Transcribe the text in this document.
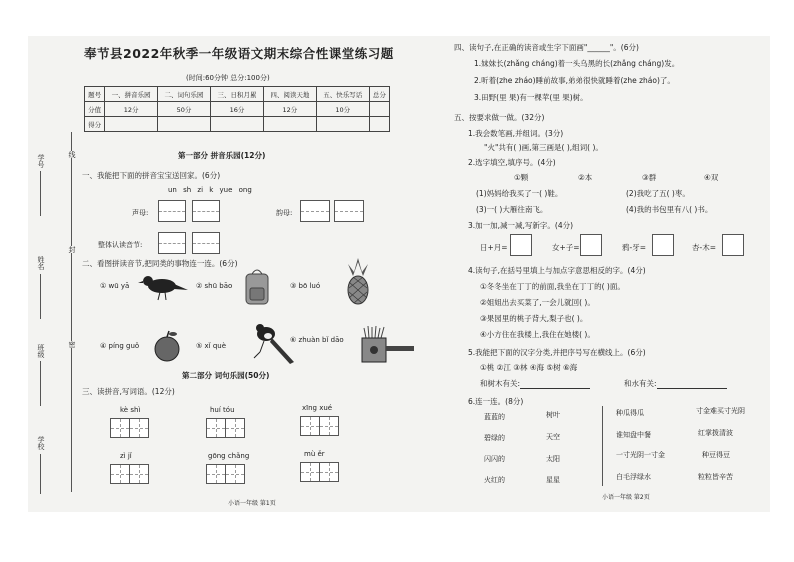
学号
姓名
班级
学校
线
封
密
奉节县2022年秋季一年级语文期末综合性课堂练习题
(时间:60分钟 总分:100分)
题号	一、拼音乐园	二、词句乐园	三、日积月累	四、阅读天地	五、快乐写话	总分
分值	12分	50分	16分	12分	10分	
得分						
第一部分 拼音乐园(12分)
一、我能把下面的拼音宝宝送回家。(6分)
un sh zi k yue ong
声母:	韵母:
整体认读音节:
二、看图拼读音节,把同类的事物连一连。(6分)
① wū yā	② shū bāo	③ bō luó
④ píng guǒ	⑤ xǐ què
⑥ zhuàn bǐ dāo
第二部分 词句乐园(50分)
三、读拼音,写词语。(12分)
kè shì	huí tóu	xīng xué
zì jǐ	gōng chǎng	mù ěr
小语一年级 第1页
四、读句子,在正确的读音或生字下面画"______"。(6分)
1.妹妹长(zhǎng cháng)着一头乌黑的长(zhǎng cháng)发。
2.听着(zhe zháo)睡前故事,弟弟很快就睡着(zhe zháo)了。
3.田野(里 果)有一棵苹(里 果)树。
五、按要求做一做。(32分)
1.我会数笔画,并组词。(3分)
"火"共有( )画,第三画是( ),组词( )。
2.选字填空,填序号。(4分)
①颗	②本	③群	④双
(1)妈妈给我买了一( )鞋。	(2)我吃了五( )枣。
(3)一( )大雁往南飞。	(4)我的书包里有八( )书。
3.加一加,减一减,写新字。(4分)
日+月=	女+子=	鸦-牙=	杏-木=
4.读句子,在括号里填上与加点字意思相反的字。(4分)
①冬冬坐在丁丁的前面,我坐在丁丁的( )面。
②姐姐出去买菜了,一会儿就回( )。
③果园里的桃子背大,梨子也( )。
④小方住在我楼上,我住在她楼( )。
5.我能把下面的汉字分类,并把序号写在横线上。(6分)
①桃 ②江 ③林 ④海 ⑤树 ⑥海
和树木有关:	和水有关:
6.连一连。(8分)
蓝蓝的
碧绿的
闪闪的
火红的
树叶
天空
太阳
星星
种瓜得瓜
谁知盘中餐
一寸光阴一寸金
白毛浮绿水
寸金难买寸光阴
红掌拨清波
种豆得豆
粒粒皆辛苦
小语一年级 第2页
